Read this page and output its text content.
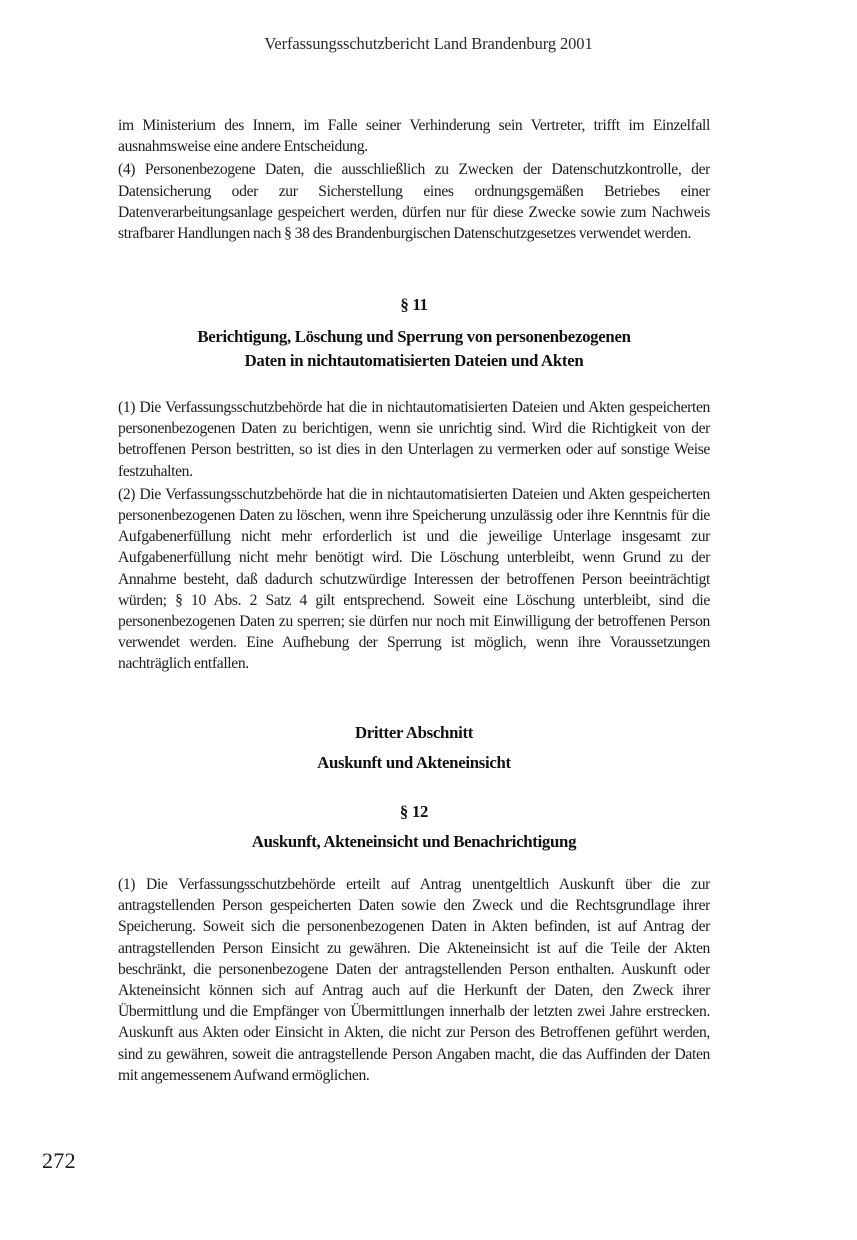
Verfassungsschutzbericht Land Brandenburg 2001

im Ministerium des Innern, im Falle seiner Verhinderung sein Vertreter, trifft im Einzelfall ausnahmsweise eine andere Entscheidung.

(4) Personenbezogene Daten, die ausschließlich zu Zwecken der Datenschutzkontrolle, der Datensicherung oder zur Sicherstellung eines ordnungsgemäßen Betriebes einer Datenverarbeitungsanlage gespeichert werden, dürfen nur für diese Zwecke sowie zum Nachweis strafbarer Handlungen nach § 38 des Brandenburgischen Datenschutzgesetzes verwendet werden.

§ 11

Berichtigung, Löschung und Sperrung von personenbezogenen

Daten in nichtautomatisierten Dateien und Akten

(1) Die Verfassungsschutzbehörde hat die in nichtautomatisierten Dateien und Akten gespeicherten personenbezogenen Daten zu berichtigen, wenn sie unrichtig sind. Wird die Richtigkeit von der betroffenen Person bestritten, so ist dies in den Unterlagen zu vermerken oder auf sonstige Weise festzuhalten.

(2) Die Verfassungsschutzbehörde hat die in nichtautomatisierten Dateien und Akten gespeicherten personenbezogenen Daten zu löschen, wenn ihre Speicherung unzulässig oder ihre Kenntnis für die Aufgabenerfüllung nicht mehr erforderlich ist und die jeweilige Unterlage insgesamt zur Aufgabenerfüllung nicht mehr benötigt wird. Die Löschung unterbleibt, wenn Grund zu der Annahme besteht, daß dadurch schutzwürdige Interessen der betroffenen Person beeinträchtigt würden; § 10 Abs. 2 Satz 4 gilt entsprechend. Soweit eine Löschung unterbleibt, sind die personenbezogenen Daten zu sperren; sie dürfen nur noch mit Einwilligung der betroffenen Person verwendet werden. Eine Aufhebung der Sperrung ist möglich, wenn ihre Voraussetzungen nachträglich entfallen.

Dritter Abschnitt

Auskunft und Akteneinsicht

§ 12

Auskunft, Akteneinsicht und Benachrichtigung

(1) Die Verfassungsschutzbehörde erteilt auf Antrag unentgeltlich Auskunft über die zur antragstellenden Person gespeicherten Daten sowie den Zweck und die Rechtsgrundlage ihrer Speicherung. Soweit sich die personenbezogenen Daten in Akten befinden, ist auf Antrag der antragstellenden Person Einsicht zu gewähren. Die Akteneinsicht ist auf die Teile der Akten beschränkt, die personenbezogene Daten der antragstellenden Person enthalten. Auskunft oder Akteneinsicht können sich auf Antrag auch auf die Herkunft der Daten, den Zweck ihrer Übermittlung und die Empfänger von Übermittlungen innerhalb der letzten zwei Jahre erstrecken. Auskunft aus Akten oder Einsicht in Akten, die nicht zur Person des Betroffenen geführt werden, sind zu gewähren, soweit die antragstellende Person Angaben macht, die das Auffinden der Daten mit angemessenem Aufwand ermöglichen.

272
